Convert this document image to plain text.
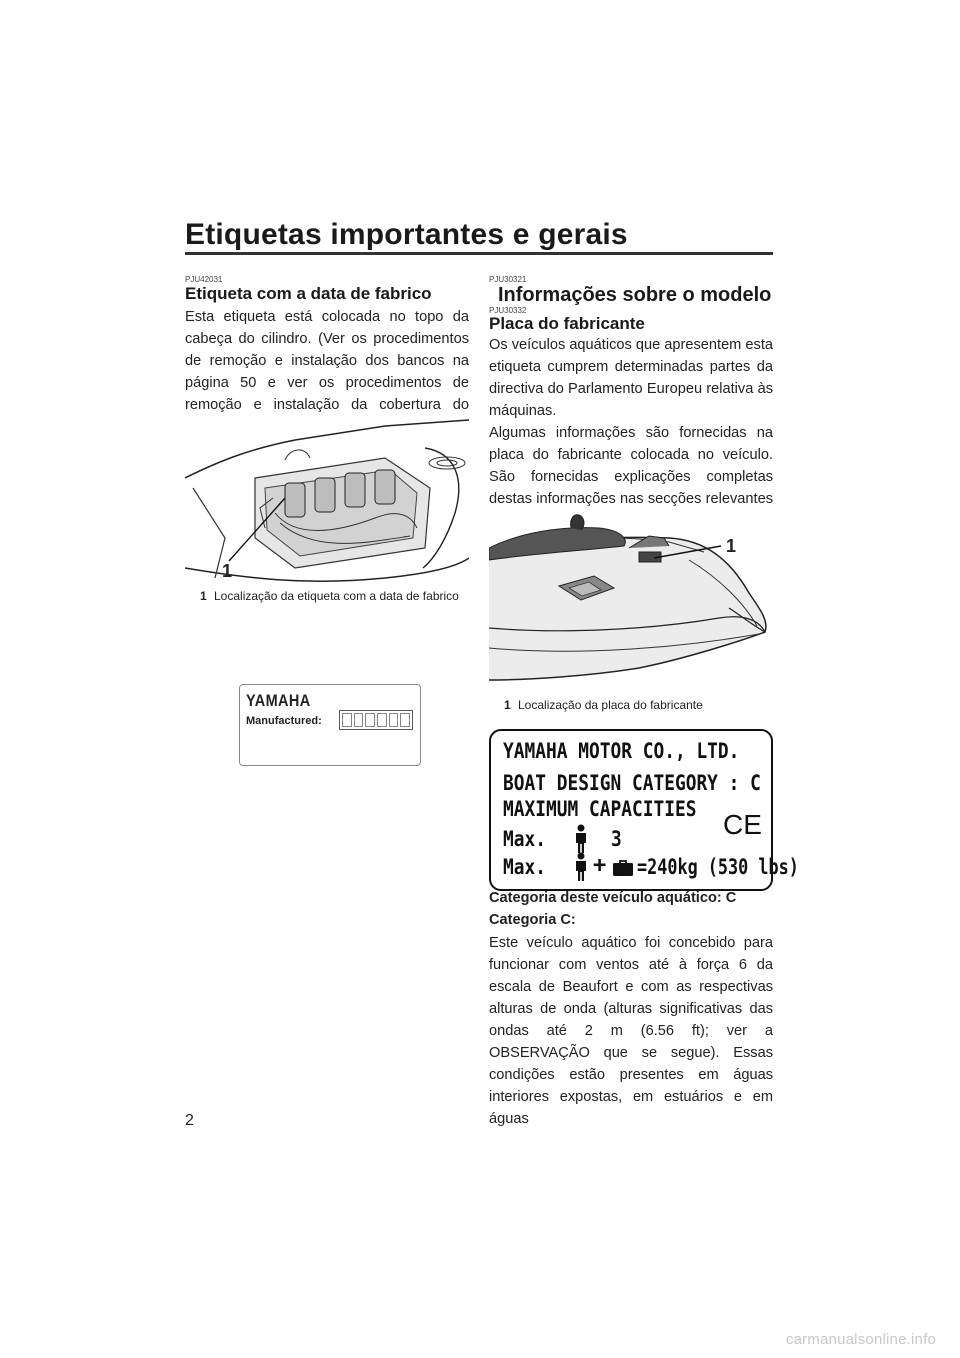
Etiquetas importantes e gerais
PJU42031
Etiqueta com a data de fabrico

Esta etiqueta está colocada no topo da cabeça do cilindro. (Ver os procedimentos de remoção e instalação dos bancos na página 50 e ver os procedimentos de remoção e instalação da cobertura do

1
1 Localização da etiqueta com a data de fabrico
YAMAHA
Manufactured:
PJU30321
Informações sobre o modelo
PJU30332
Placa do fabricante

Os veículos aquáticos que apresentem esta etiqueta cumprem determinadas partes da directiva do Parlamento Europeu relativa às máquinas.

Algumas informações são fornecidas na placa do fabricante colocada no veículo. São fornecidas explicações completas destas informações nas secções relevantes

1
1 Localização da placa do fabricante
YAMAHA MOTOR CO., LTD.
BOAT DESIGN CATEGORY : C
MAXIMUM CAPACITIES
Max.	3	CE
Max. + =240kg (530 lbs)
Categoria deste veículo aquático: C
Categoria C:

Este veículo aquático foi concebido para funcionar com ventos até à força 6 da escala de Beaufort e com as respectivas alturas de onda (alturas significativas das ondas até 2 m (6.56 ft); ver a OBSERVAÇÃO que se segue). Essas condições estão presentes em águas interiores expostas, em estuários e em águas

2
carmanualsonline.info
